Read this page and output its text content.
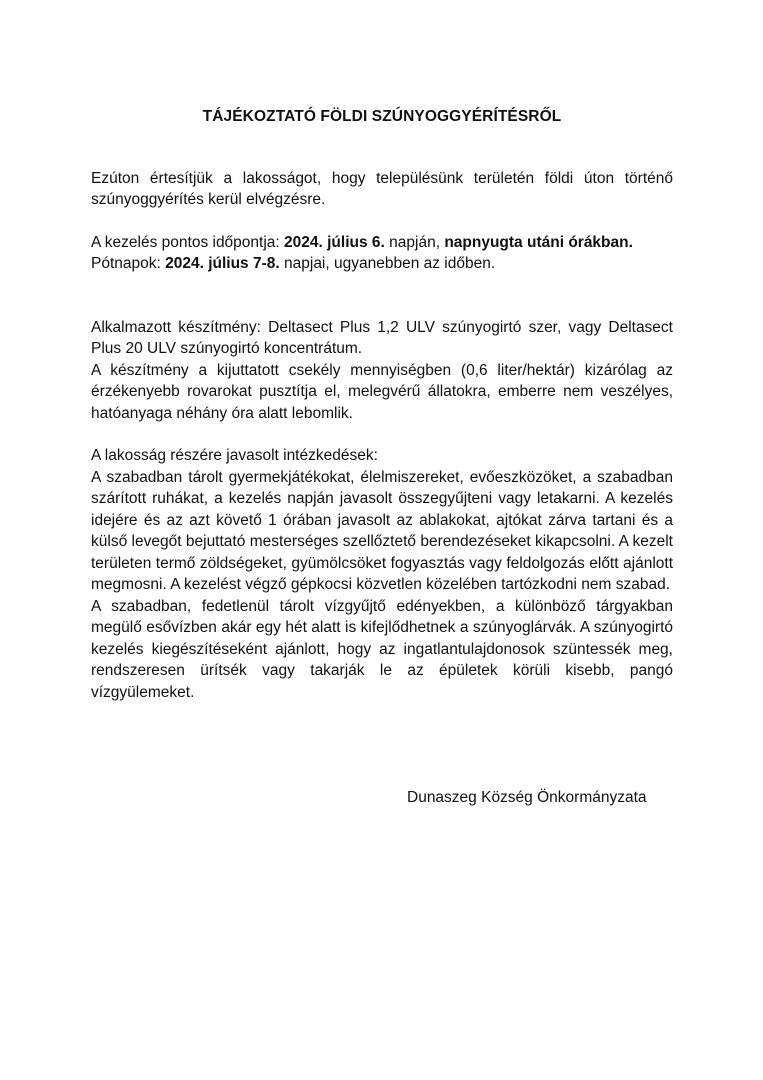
TÁJÉKOZTATÓ FÖLDI SZÚNYOGGYÉRÍTÉSRŐL

Ezúton értesítjük a lakosságot, hogy településünk területén földi úton történő szúnyoggyérítés kerül elvégzésre.

A kezelés pontos időpontja: 2024. július 6. napján, napnyugta utáni órákban.

Pótnapok: 2024. július 7-8. napjai, ugyanebben az időben.

Alkalmazott készítmény: Deltasect Plus 1,2 ULV szúnyogirtó szer, vagy Deltasect Plus 20 ULV szúnyogirtó koncentrátum.

A készítmény a kijuttatott csekély mennyiségben (0,6 liter/hektár) kizárólag az érzékenyebb rovarokat pusztítja el, melegvérű állatokra, emberre nem veszélyes, hatóanyaga néhány óra alatt lebomlik.

A lakosság részére javasolt intézkedések:

A szabadban tárolt gyermekjátékokat, élelmiszereket, evőeszközöket, a szabadban szárított ruhákat, a kezelés napján javasolt összegyűjteni vagy letakarni. A kezelés idejére és az azt követő 1 órában javasolt az ablakokat, ajtókat zárva tartani és a külső levegőt bejuttató mesterséges szellőztető berendezéseket kikapcsolni. A kezelt területen termő zöldségeket, gyümölcsöket fogyasztás vagy feldolgozás előtt ajánlott megmosni. A kezelést végző gépkocsi közvetlen közelében tartózkodni nem szabad.

A szabadban, fedetlenül tárolt vízgyűjtő edényekben, a különböző tárgyakban megülő esővízben akár egy hét alatt is kifejlődhetnek a szúnyoglárvák. A szúnyogirtó kezelés kiegészítéseként ajánlott, hogy az ingatlantulajdonosok szüntessék meg, rendszeresen ürítsék vagy takarják le az épületek körüli kisebb, pangó vízgyülemeket.

Dunaszeg Község Önkormányzata
